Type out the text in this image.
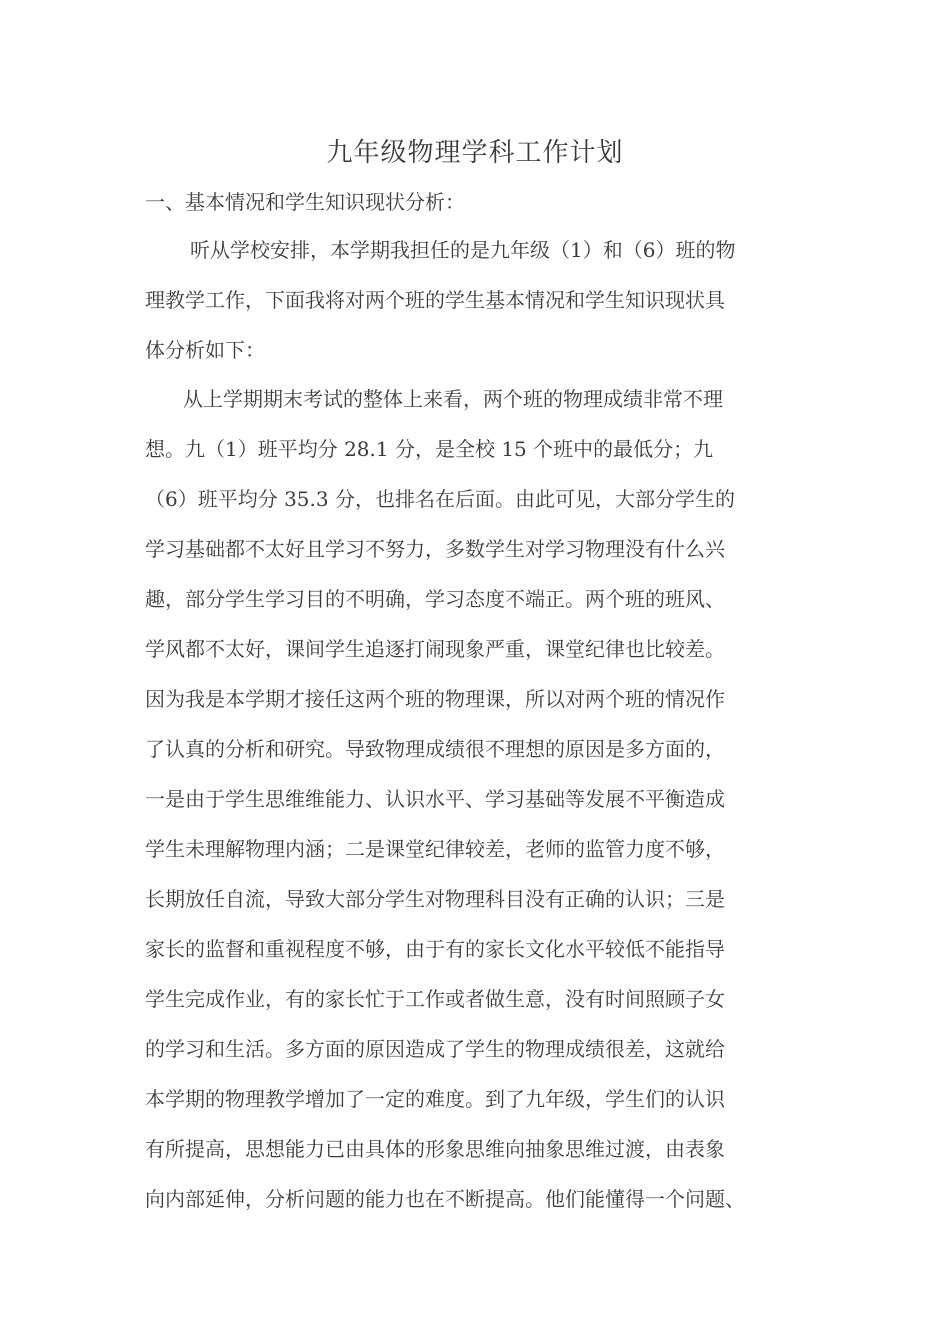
九年级物理学科工作计划
一、基本情况和学生知识现状分析：
听从学校安排，本学期我担任的是九年级（1）和（6）班的物
理教学工作，下面我将对两个班的学生基本情况和学生知识现状具
体分析如下：
从上学期期末考试的整体上来看，两个班的物理成绩非常不理
想。九（1）班平均分 28.1 分，是全校 15 个班中的最低分；九
（6）班平均分 35.3 分，也排名在后面。由此可见，大部分学生的
学习基础都不太好且学习不努力，多数学生对学习物理没有什么兴
趣，部分学生学习目的不明确，学习态度不端正。两个班的班风、
学风都不太好，课间学生追逐打闹现象严重，课堂纪律也比较差。
因为我是本学期才接任这两个班的物理课，所以对两个班的情况作
了认真的分析和研究。导致物理成绩很不理想的原因是多方面的，
一是由于学生思维维能力、认识水平、学习基础等发展不平衡造成
学生未理解物理内涵；二是课堂纪律较差，老师的监管力度不够，
长期放任自流，导致大部分学生对物理科目没有正确的认识；三是
家长的监督和重视程度不够，由于有的家长文化水平较低不能指导
学生完成作业，有的家长忙于工作或者做生意，没有时间照顾子女
的学习和生活。多方面的原因造成了学生的物理成绩很差，这就给
本学期的物理教学增加了一定的难度。到了九年级，学生们的认识
有所提高，思想能力已由具体的形象思维向抽象思维过渡，由表象
向内部延伸，分析问题的能力也在不断提高。他们能懂得一个问题、
